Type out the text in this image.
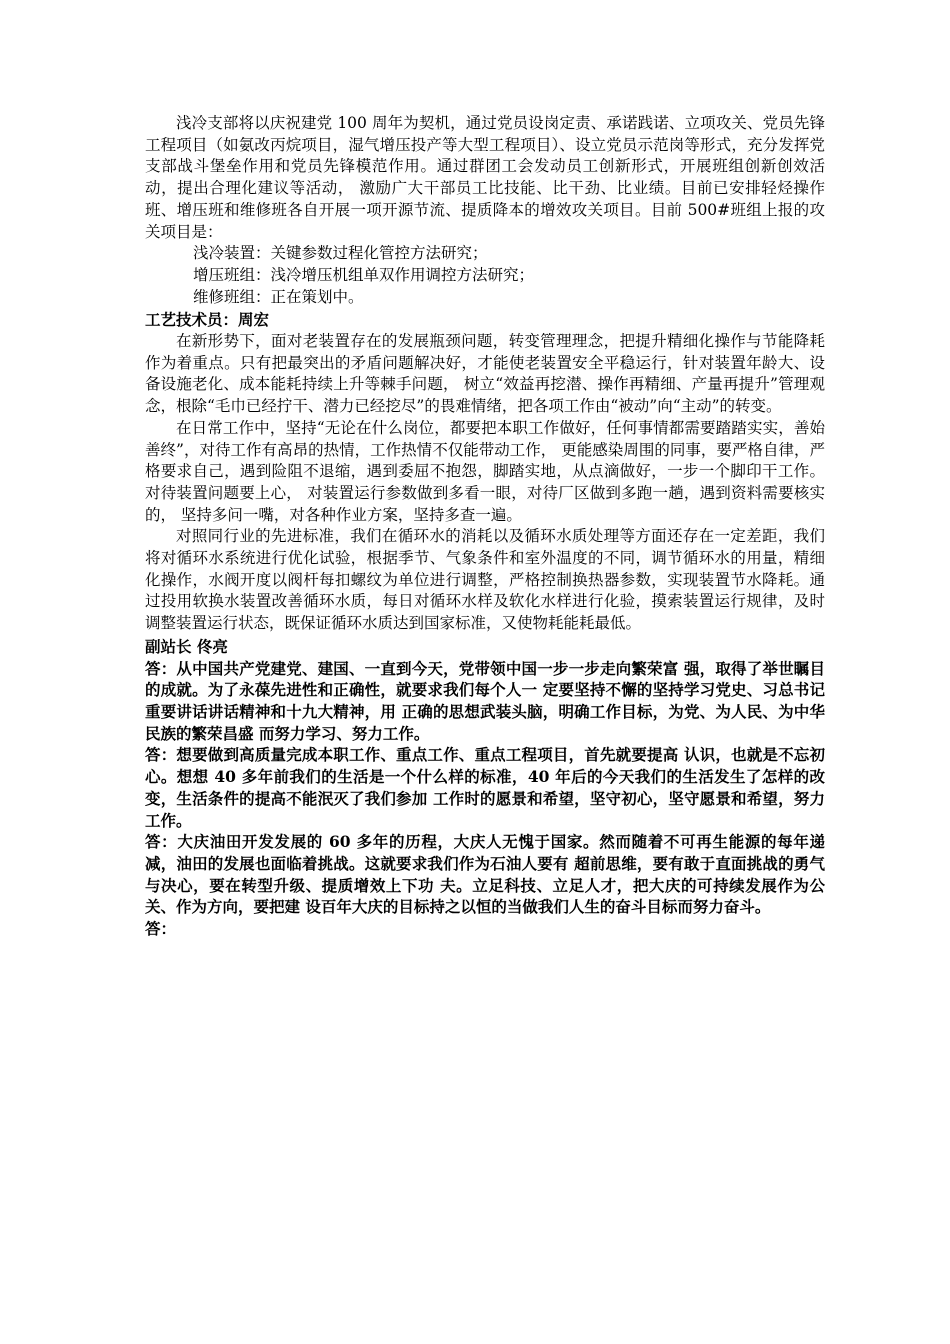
浅冷支部将以庆祝建党 100 周年为契机，通过党员设岗定责、承诺践诺、立项攻关、党员先锋工程项目（如氨改丙烷项目，湿气增压投产等大型工程项目）、设立党员示范岗等形式，充分发挥党支部战斗堡垒作用和党员先锋模范作用。通过群团工会发动员工创新形式，开展班组创新创效活动，提出合理化建议等活动， 激励广大干部员工比技能、比干劲、比业绩。目前已安排轻烃操作班、增压班和维修班各自开展一项开源节流、提质降本的增效攻关项目。目前 500#班组上报的攻关项目是：

浅冷装置：关键参数过程化管控方法研究；

增压班组：浅冷增压机组单双作用调控方法研究；

维修班组：正在策划中。

工艺技术员：周宏

在新形势下，面对老装置存在的发展瓶颈问题，转变管理理念，把提升精细化操作与节能降耗作为着重点。只有把最突出的矛盾问题解决好，才能使老装置安全平稳运行，针对装置年龄大、设备设施老化、成本能耗持续上升等棘手问题， 树立“效益再挖潜、操作再精细、产量再提升”管理观念，根除“毛巾已经拧干、潜力已经挖尽”的畏难情绪，把各项工作由“被动”向“主动”的转变。

在日常工作中，坚持“无论在什么岗位，都要把本职工作做好，任何事情都需要踏踏实实，善始善终”，对待工作有高昂的热情，工作热情不仅能带动工作， 更能感染周围的同事，要严格自律，严格要求自己，遇到险阻不退缩，遇到委屈不抱怨，脚踏实地，从点滴做好，一步一个脚印干工作。对待装置问题要上心， 对装置运行参数做到多看一眼，对待厂区做到多跑一趟，遇到资料需要核实的， 坚持多问一嘴，对各种作业方案，坚持多查一遍。

对照同行业的先进标准，我们在循环水的消耗以及循环水质处理等方面还存在一定差距，我们将对循环水系统进行优化试验，根据季节、气象条件和室外温度的不同，调节循环水的用量，精细化操作，水阀开度以阀杆每扣螺纹为单位进行调整，严格控制换热器参数，实现装置节水降耗。通过投用软换水装置改善循环水质，每日对循环水样及软化水样进行化验，摸索装置运行规律，及时调整装置运行状态，既保证循环水质达到国家标准，又使物耗能耗最低。

副站长 佟亮

答：从中国共产党建党、建国、一直到今天，党带领中国一步一步走向繁荣富 强，取得了举世瞩目的成就。为了永葆先进性和正确性，就要求我们每个人一 定要坚持不懈的坚持学习党史、习总书记重要讲话讲话精神和十九大精神，用 正确的思想武装头脑，明确工作目标，为党、为人民、为中华民族的繁荣昌盛 而努力学习、努力工作。

答：想要做到高质量完成本职工作、重点工作、重点工程项目，首先就要提高 认识，也就是不忘初心。想想 40 多年前我们的生活是一个什么样的标准，40 年后的今天我们的生活发生了怎样的改变，生活条件的提高不能泯灭了我们参加 工作时的愿景和希望，坚守初心，坚守愿景和希望，努力工作。

答：大庆油田开发发展的 60 多年的历程，大庆人无愧于国家。然而随着不可再生能源的每年递减，油田的发展也面临着挑战。这就要求我们作为石油人要有 超前思维，要有敢于直面挑战的勇气与决心，要在转型升级、提质增效上下功 夫。立足科技、立足人才，把大庆的可持续发展作为公关、作为方向，要把建 设百年大庆的目标持之以恒的当做我们人生的奋斗目标而努力奋斗。

答：
